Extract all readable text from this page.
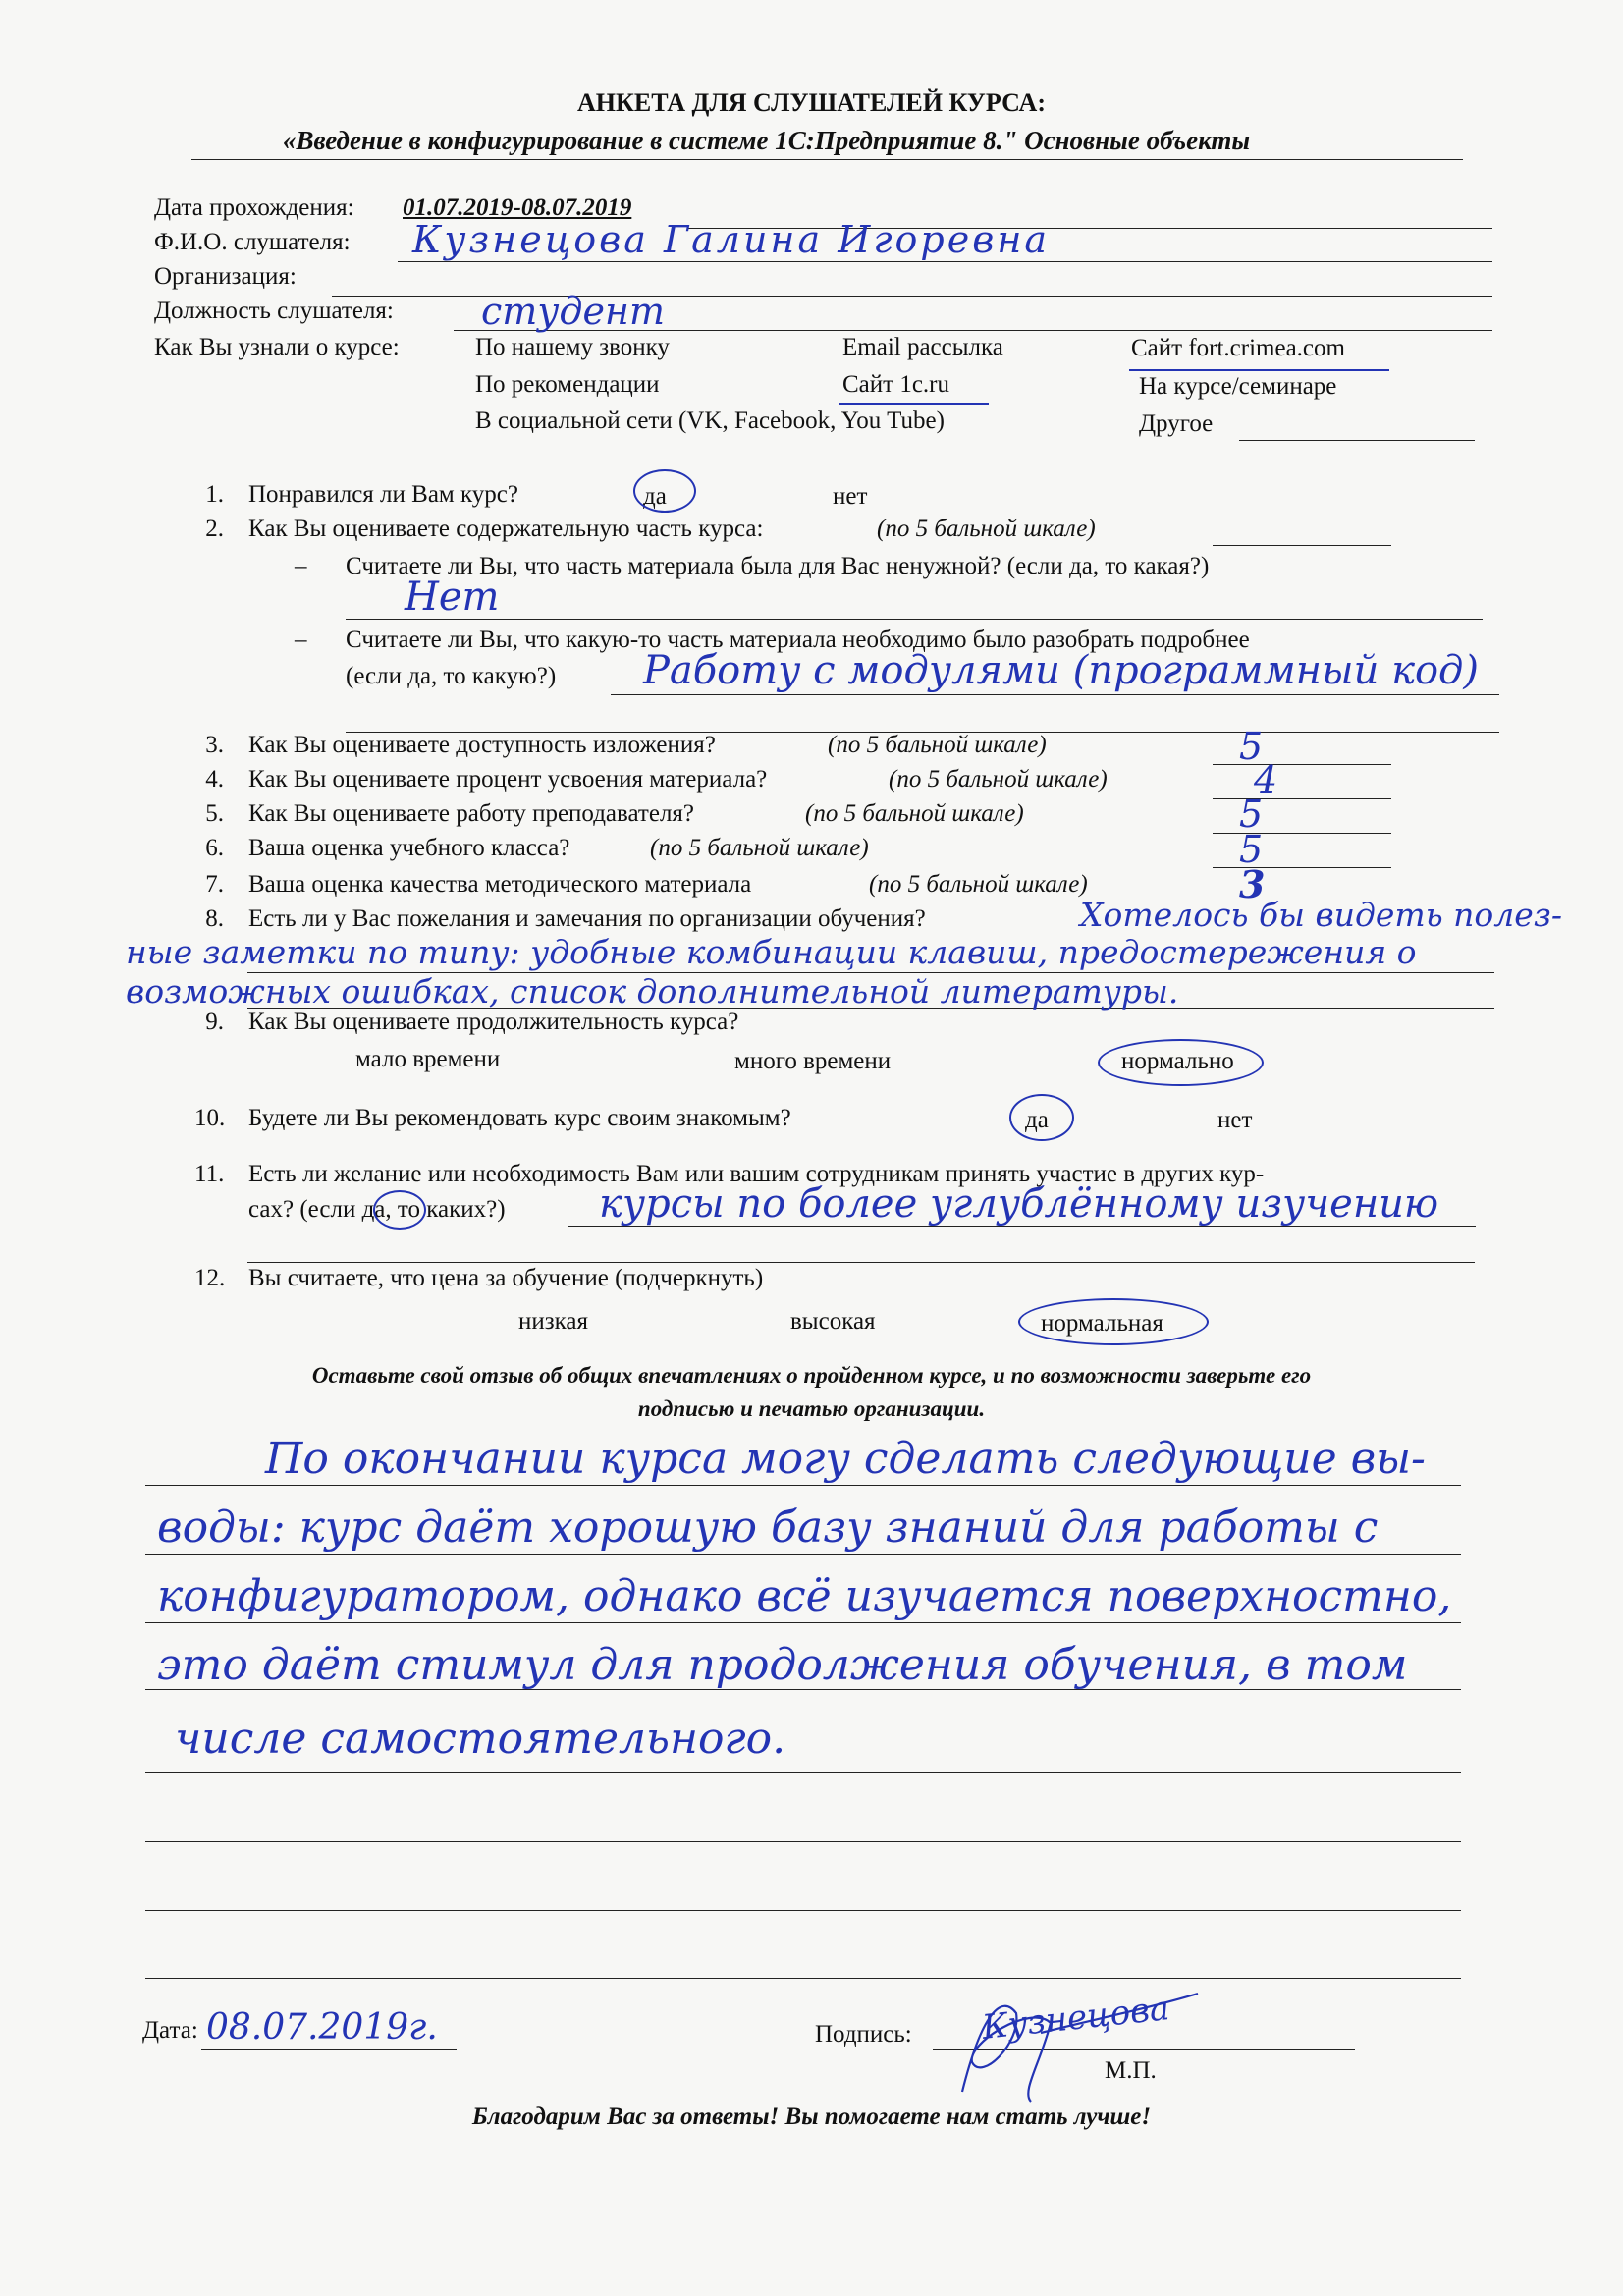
АНКЕТА ДЛЯ СЛУШАТЕЛЕЙ КУРСА:
«Введение в конфигурирование в системе 1С:Предприятие 8." Основные объекты
Дата прохождения: 01.07.2019-08.07.2019
Ф.И.О. слушателя: Кузнецова Галина Игоревна
Организация:
Должность слушателя: студент
Как Вы узнали о курсе:	По нашему звонку	Email рассылка	Сайт fort.crimea.com
По рекомендации	Сайт 1c.ru	На курсе/семинаре
В социальной сети (VK, Facebook, You Tube)	Другое
1. Понравился ли Вам курс?	да	нет
2. Как Вы оцениваете содержательную часть курса:	(по 5 бальной шкале)
– Считаете ли Вы, что часть материала была для Вас ненужной? (если да, то какая?)
Нет
– Считаете ли Вы, что какую-то часть материала необходимо было разобрать подробнее
(если да, то какую?) Работу с модулями (программный код)
3. Как Вы оцениваете доступность изложения?	(по 5 бальной шкале)	5
4. Как Вы оцениваете процент усвоения материала?	(по 5 бальной шкале)	4
5. Как Вы оцениваете работу преподавателя?	(по 5 бальной шкале)	5
6. Ваша оценка учебного класса?	(по 5 бальной шкале)	5
7. Ваша оценка качества методического материала	(по 5 бальной шкале)	3
8. Есть ли у Вас пожелания и замечания по организации обучения?	Хотелось бы видеть полез-
ные заметки по типу: удобные комбинации клавиш, предостережения о
возможных ошибках, список дополнительной литературы.
9. Как Вы оцениваете продолжительность курса?
мало времени	много времени	нормально
10. Будете ли Вы рекомендовать курс своим знакомым?	да	нет
11. Есть ли желание или необходимость Вам или вашим сотрудникам принять участие в других кур-
сах? (если да, то каких?) курсы по более углублённому изучению
12. Вы считаете, что цена за обучение (подчеркнуть)
низкая	высокая	нормальная
Оставьте свой отзыв об общих впечатлениях о пройденном курсе, и по возможности заверьте его
подписью и печатью организации.
По окончании курса могу сделать следующие вы-
воды: курс даёт хорошую базу знаний для работы с
конфигуратором, однако всё изучается поверхностно,
это даёт стимул для продолжения обучения, в том
числе самостоятельного.
Дата: 08.07.2019г.	Подпись: Кузнецова
М.П.
Благодарим Вас за ответы! Вы помогаете нам стать лучше!
